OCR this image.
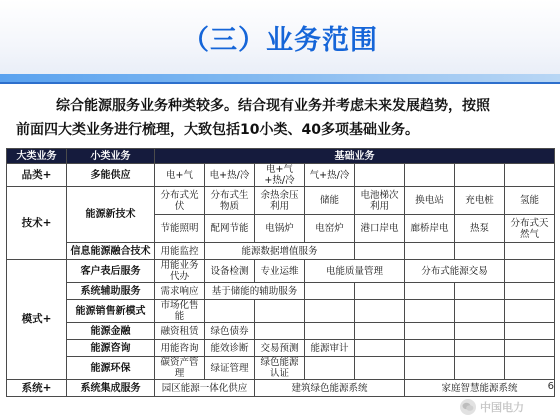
（三）业务范围
综合能源服务业务种类较多。结合现有业务并考虑未来发展趋势，按照
前面四大类业务进行梳理，大致包括10小类、40多项基础业务。
大类业务	小类业务	基础业务							
品类+	多能供应	电+气	电+热/冷	电+气+热/冷	气+热/冷				
技术+	能源新技术	分布式光伏	分布式生物质	余热余压利用	储能	电池梯次利用	换电站	充电桩	氢能
		节能照明	配网节能	电锅炉	电窑炉	港口岸电	廊桥岸电	热泵	分布式天然气
	信息能源融合技术	用能监控	能源数据增值服务						
模式+	客户表后服务	用能业务代办	设备检测	专业运维	电能质量管理		分布式能源交易		
	系统辅助服务	需求响应	基于储能的辅助服务						
	能源销售新模式	市场化售能							
	能源金融	融资租赁	绿色债券						
	能源咨询	用能咨询	能效诊断	交易预测	能源审计				
	能源环保	碳资产管理	绿证管理	绿色能源认证					
系统+	系统集成服务	园区能源一体化供应		建筑绿色能源系统			家庭智慧能源系统			6
中国电力
